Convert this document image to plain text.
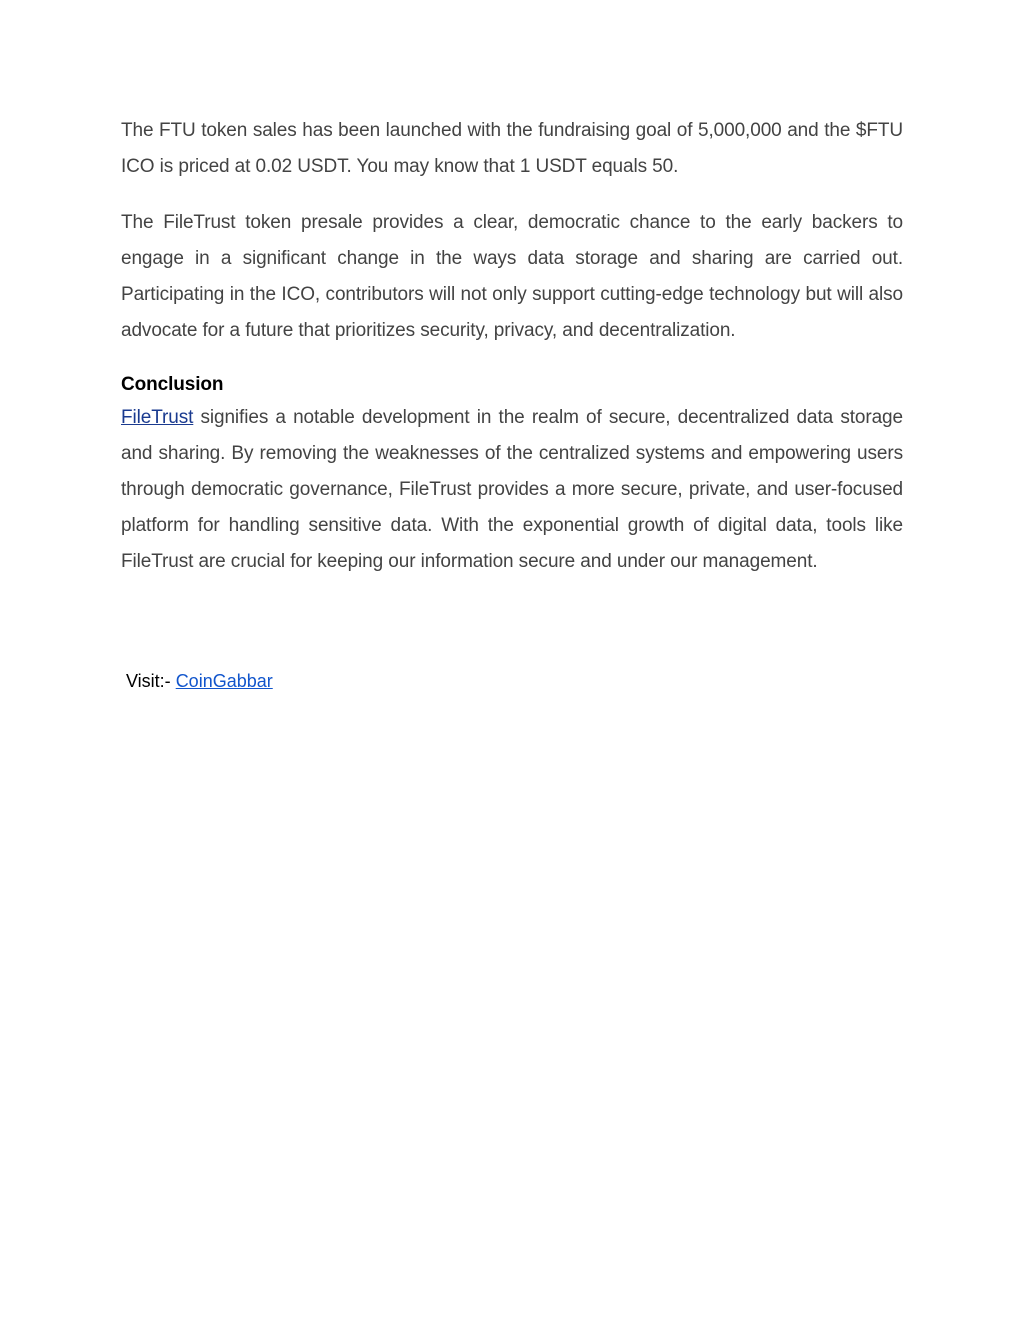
The FTU token sales has been launched with the fundraising goal of 5,000,000 and the $FTU ICO is priced at 0.02 USDT. You may know that 1 USDT equals 50.

The FileTrust token presale provides a clear, democratic chance to the early backers to engage in a significant change in the ways data storage and sharing are carried out. Participating in the ICO, contributors will not only support cutting-edge technology but will also advocate for a future that prioritizes security, privacy, and decentralization.

Conclusion

FileTrust signifies a notable development in the realm of secure, decentralized data storage and sharing. By removing the weaknesses of the centralized systems and empowering users through democratic governance, FileTrust provides a more secure, private, and user-focused platform for handling sensitive data. With the exponential growth of digital data, tools like FileTrust are crucial for keeping our information secure and under our management.

Visit:- CoinGabbar
